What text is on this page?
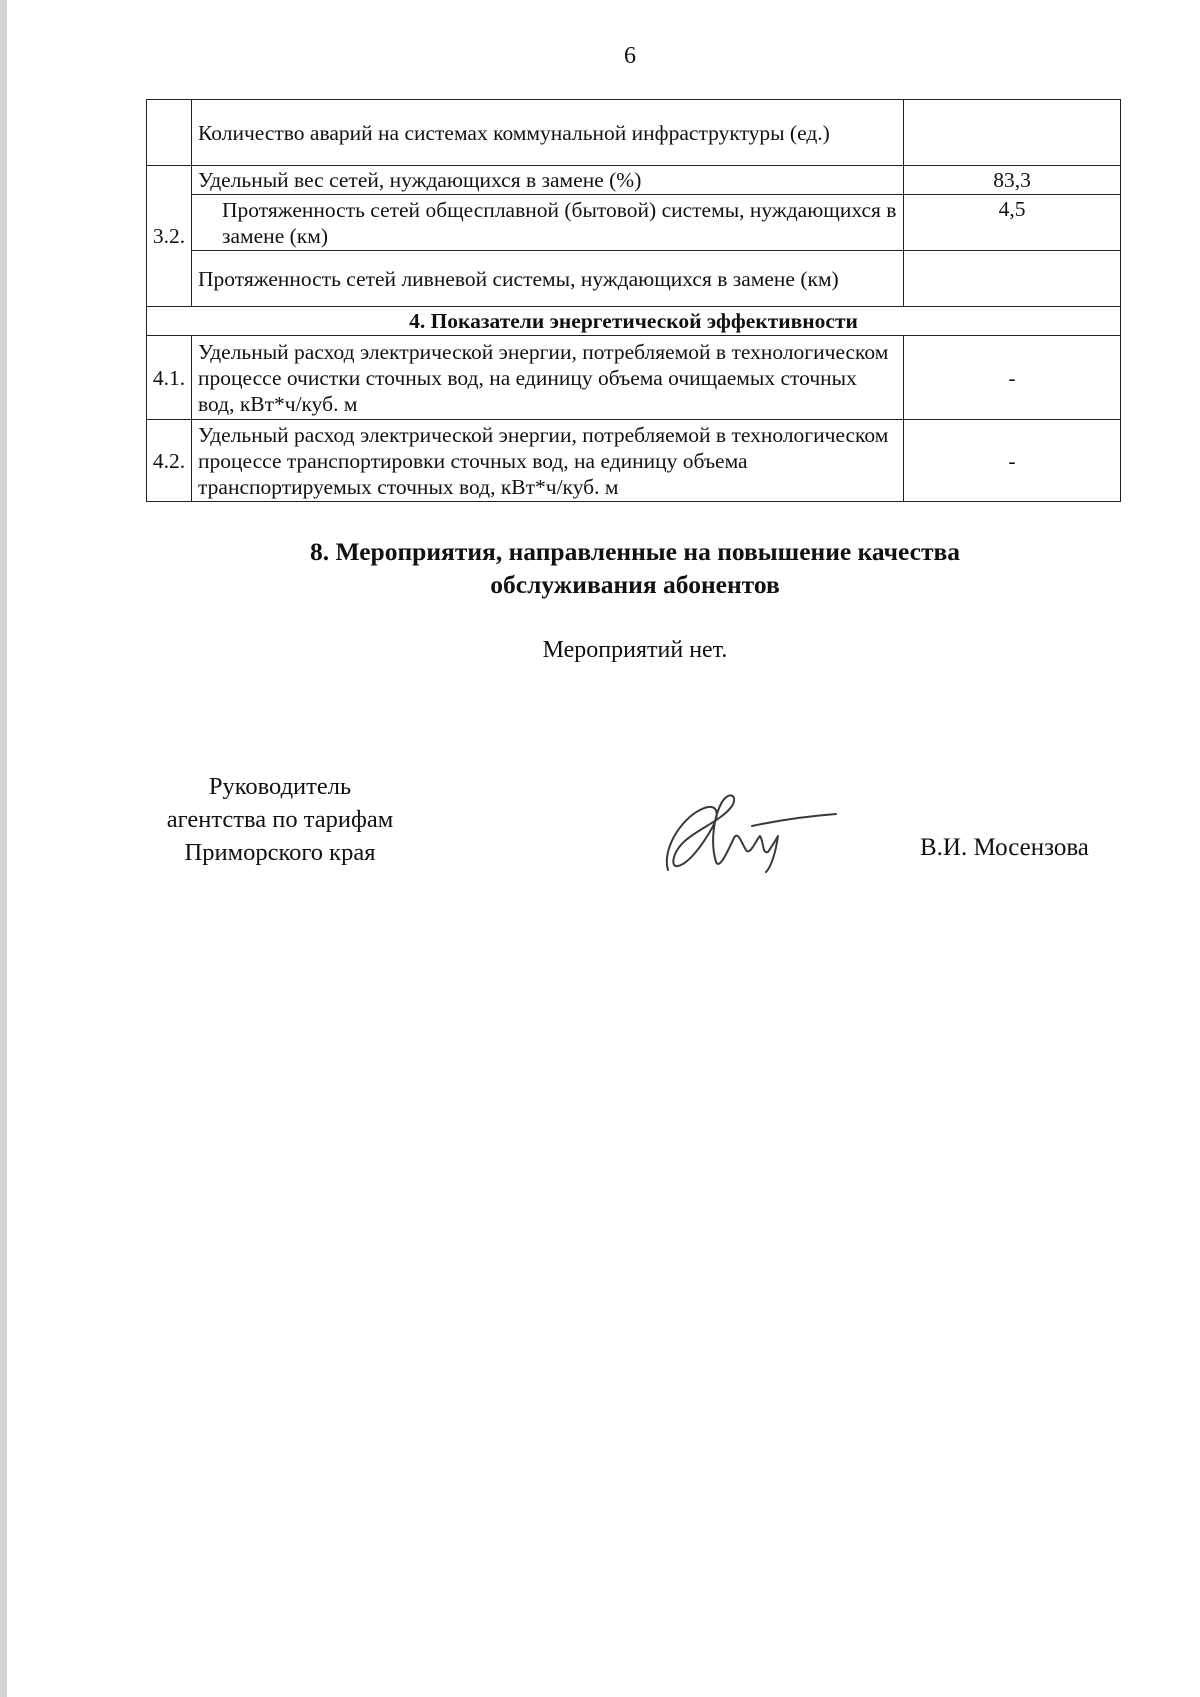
6
	Количество аварий на системах коммунальной инфраструктуры (ед.)	
3.2.	Удельный вес сетей, нуждающихся в замене (%)	83,3
	Протяженность сетей общесплавной (бытовой) системы, нуждающихся в замене (км)	4,5
	Протяженность сетей ливневой системы, нуждающихся в замене (км)	
4. Показатели энергетической эффективности		
4.1.	Удельный расход электрической энергии, потребляемой в технологическом процессе очистки сточных вод, на единицу объема очищаемых сточных вод, кВт*ч/куб. м	-
4.2.	Удельный расход электрической энергии, потребляемой в технологическом процессе транспортировки сточных вод, на единицу объема транспортируемых сточных вод, кВт*ч/куб. м	-
8. Мероприятия, направленные на повышение качества
обслуживания абонентов
Мероприятий нет.
Руководитель
агентства по тарифам
Приморского края	В.И. Мосензова
